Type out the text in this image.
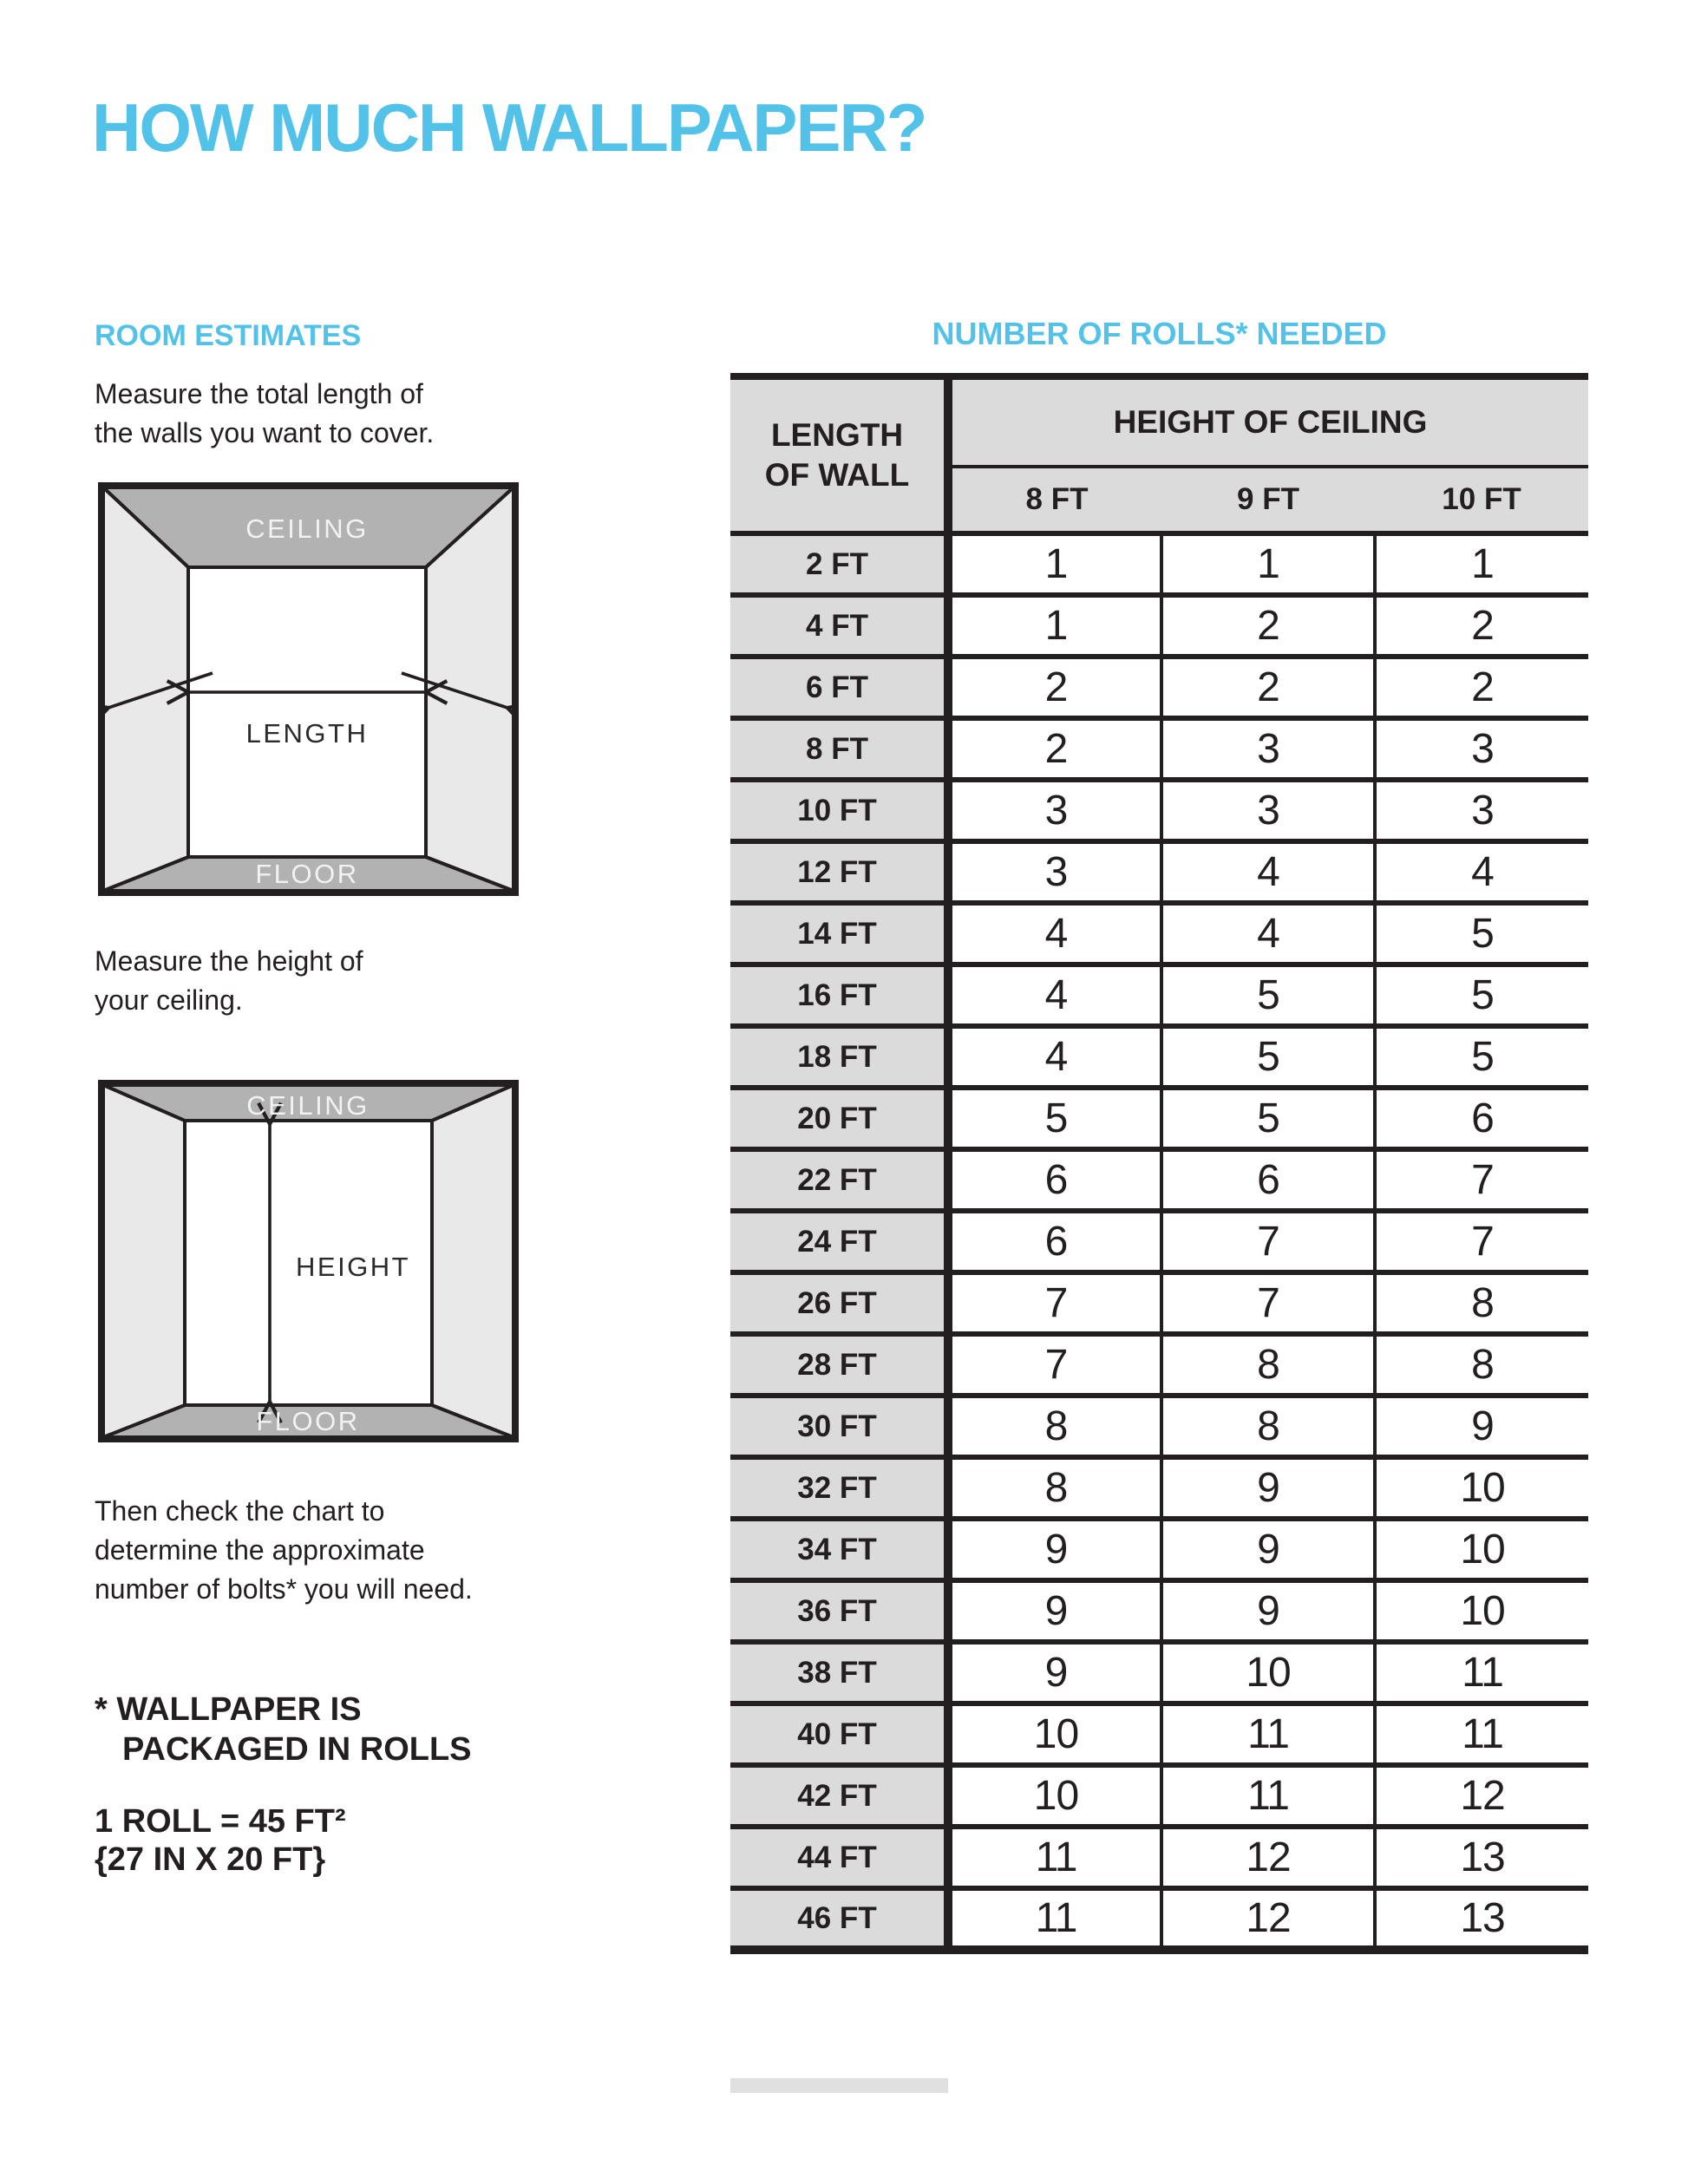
HOW MUCH WALLPAPER?
ROOM ESTIMATES	NUMBER OF ROLLS* NEEDED
Measure the total length of
the walls you want to cover.
CEILING
FLOOR
LENGTH
Measure the height of
your ceiling.
CEILING
FLOOR
HEIGHT
Then check the chart to
determine the approximate
number of bolts* you will need.
* WALLPAPER IS
PACKAGED IN ROLLS
1 ROLL = 45 FT²
{27 IN X 20 FT}
LENGTH
OF WALL	HEIGHT OF CEILING		
	8 FT	9 FT	10 FT
2 FT	1	1	1
4 FT	1	2	2
6 FT	2	2	2
8 FT	2	3	3
10 FT	3	3	3
12 FT	3	4	4
14 FT	4	4	5
16 FT	4	5	5
18 FT	4	5	5
20 FT	5	5	6
22 FT	6	6	7
24 FT	6	7	7
26 FT	7	7	8
28 FT	7	8	8
30 FT	8	8	9
32 FT	8	9	10
34 FT	9	9	10
36 FT	9	9	10
38 FT	9	10	11
40 FT	10	11	11
42 FT	10	11	12
44 FT	11	12	13
46 FT	11	12	13
